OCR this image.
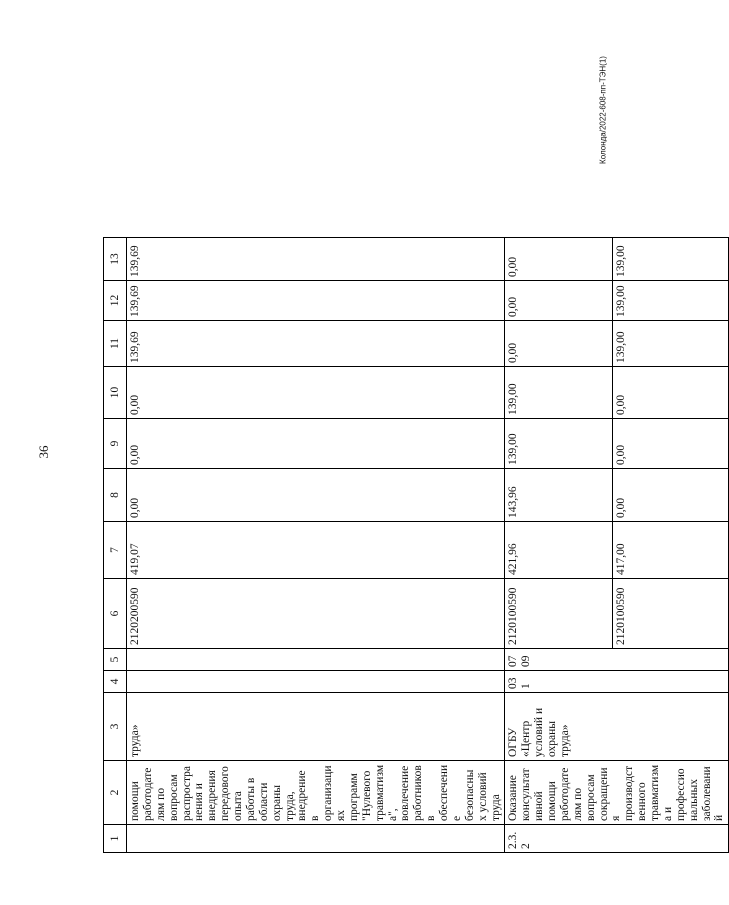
36
Колонда/2022-608-пп-ТЭН(1)
1	2	3	4	5	6	7	8	9	10	11	12	13
	помощи работодателям по вопросам распространения и внедрения передового опыта работы в области охраны труда, внедрение в организациях программ "Нулевого травматизма", вовлечение работников в обеспечение безопасных условий труда	труда»			2120200590	419,07	0,00	0,00	0,00	139,69	139,69	139,69
2.3.2	Оказание консультативной помощи работодателям по вопросам сокращения производственного травматизма и профессиональных заболеваний	ОГБУ «Центр условий и охраны труда»	031	0709	2120100590	421,96	143,96	139,00	139,00	0,00	0,00	0,00
					2120100590	417,00	0,00	0,00	0,00	139,00	139,00	139,00
